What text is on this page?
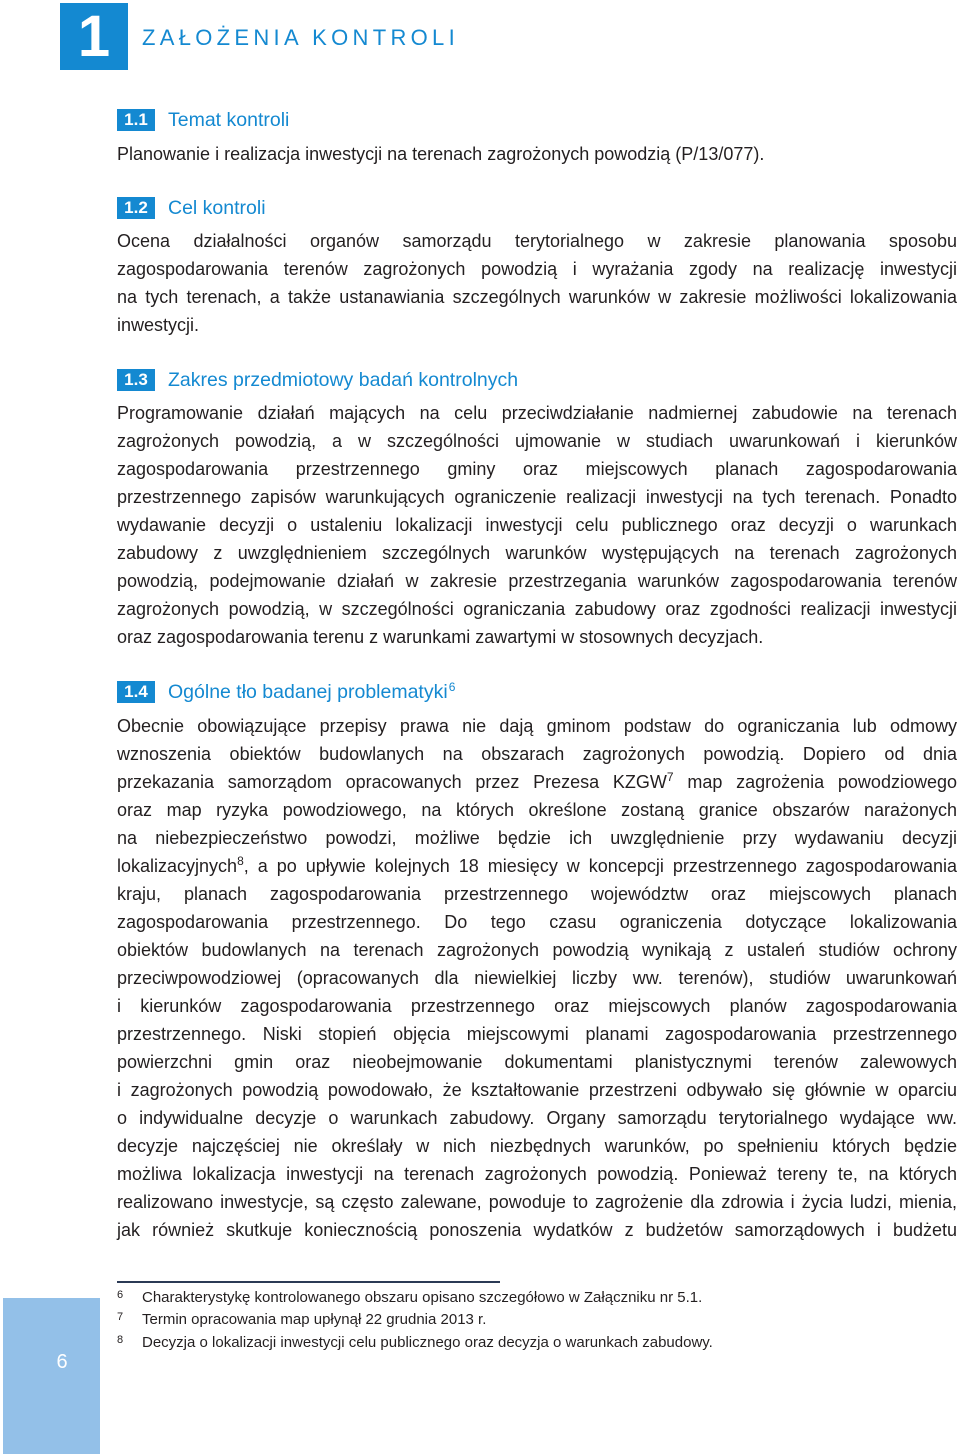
1	ZAŁOŻENIA KONTROLI
1.1	Temat kontroli
Planowanie i realizacja inwestycji na terenach zagrożonych powodzią (P/13/077).
1.2	Cel kontroli
Ocena działalności organów samorządu terytorialnego w zakresie planowania sposobu
zagospodarowania terenów zagrożonych powodzią i wyrażania zgody na realizację inwestycji
na tych terenach, a także ustanawiania szczególnych warunków w zakresie możliwości lokalizowania
inwestycji.
1.3	Zakres przedmiotowy badań kontrolnych
Programowanie działań mających na celu przeciwdziałanie nadmiernej zabudowie na terenach
zagrożonych powodzią, a w szczególności ujmowanie w studiach uwarunkowań i kierunków
zagospodarowania przestrzennego gminy oraz miejscowych planach zagospodarowania
przestrzennego zapisów warunkujących ograniczenie realizacji inwestycji na tych terenach. Ponadto
wydawanie decyzji o ustaleniu lokalizacji inwestycji celu publicznego oraz decyzji o warunkach
zabudowy z uwzględnieniem szczególnych warunków występujących na terenach zagrożonych
powodzią, podejmowanie działań w zakresie przestrzegania warunków zagospodarowania terenów
zagrożonych powodzią, w szczególności ograniczania zabudowy oraz zgodności realizacji inwestycji
oraz zagospodarowania terenu z warunkami zawartymi w stosownych decyzjach.
1.4	Ogólne tło badanej problematyki$^6$
Obecnie obowiązujące przepisy prawa nie dają gminom podstaw do ograniczania lub odmowy
wznoszenia obiektów budowlanych na obszarach zagrożonych powodzią. Dopiero od dnia
przekazania samorządom opracowanych przez Prezesa KZGW$^7$ map zagrożenia powodziowego
oraz map ryzyka powodziowego, na których określone zostaną granice obszarów narażonych
na niebezpieczeństwo powodzi, możliwe będzie ich uwzględnienie przy wydawaniu decyzji
lokalizacyjnych$^8$, a po upływie kolejnych 18 miesięcy w koncepcji przestrzennego zagospodarowania
kraju, planach zagospodarowania przestrzennego województw oraz miejscowych planach
zagospodarowania przestrzennego. Do tego czasu ograniczenia dotyczące lokalizowania
obiektów budowlanych na terenach zagrożonych powodzią wynikają z ustaleń studiów ochrony
przeciwpowodziowej (opracowanych dla niewielkiej liczby ww. terenów), studiów uwarunkowań
i kierunków zagospodarowania przestrzennego oraz miejscowych planów zagospodarowania
przestrzennego. Niski stopień objęcia miejscowymi planami zagospodarowania przestrzennego
powierzchni gmin oraz nieobejmowanie dokumentami planistycznymi terenów zalewowych
i zagrożonych powodzią powodowało, że kształtowanie przestrzeni odbywało się głównie w oparciu
o indywidualne decyzje o warunkach zabudowy. Organy samorządu terytorialnego wydające ww.
decyzje najczęściej nie określały w nich niezbędnych warunków, po spełnieniu których będzie
możliwa lokalizacja inwestycji na terenach zagrożonych powodzią. Ponieważ tereny te, na których
realizowano inwestycje, są często zalewane, powoduje to zagrożenie dla zdrowia i życia ludzi, mienia,
jak również skutkuje koniecznością ponoszenia wydatków z budżetów samorządowych i budżetu
6 Charakterystykę kontrolowanego obszaru opisano szczegółowo w Załączniku nr 5.1.
7 Termin opracowania map upłynął 22 grudnia 2013 r.
8 Decyzja o lokalizacji inwestycji celu publicznego oraz decyzja o warunkach zabudowy.
6
